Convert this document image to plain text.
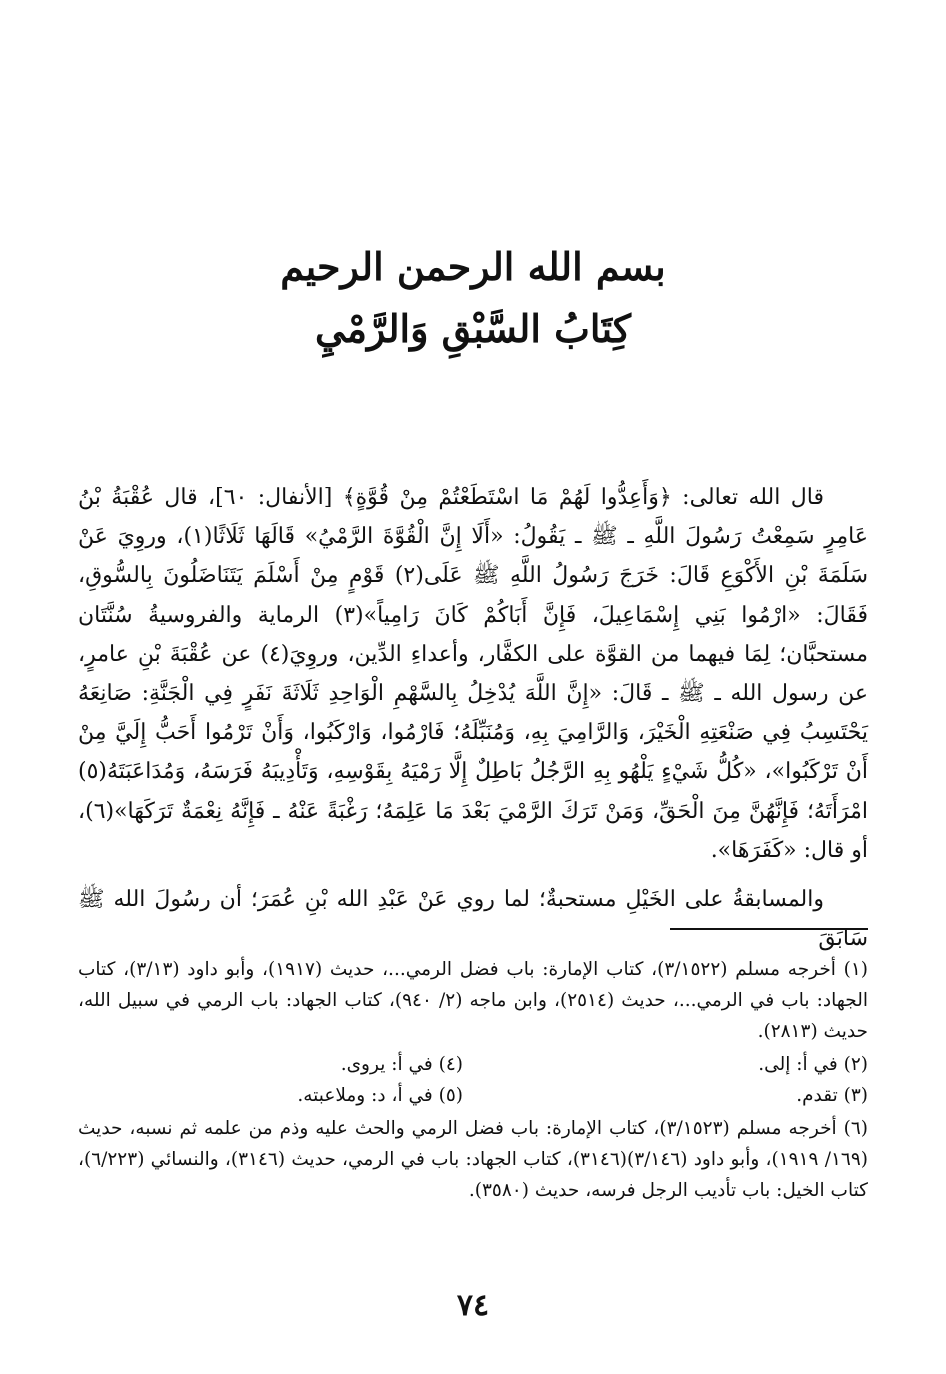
بسم الله الرحمن الرحيم
كِتَابُ السَّبْقِ وَالرَّمْيِ

قال الله تعالى: ﴿وَأَعِدُّوا لَهُمْ مَا اسْتَطَعْتُمْ مِنْ قُوَّةٍ﴾ [الأنفال: ٦٠]، قال عُقْبَةُ بْنُ عَامِرٍ سَمِعْتُ رَسُولَ اللَّهِ ـ ﷺ ـ يَقُولُ: «أَلَا إِنَّ الْقُوَّةَ الرَّمْيُ» قَالَهَا ثَلَاثًا(١)، وروِيَ عَنْ سَلَمَةَ بْنِ الأَكْوَعِ قَالَ: خَرَجَ رَسُولُ اللَّهِ ﷺ عَلَى(٢) قَوْمٍ مِنْ أَسْلَمَ يَتَنَاضَلُونَ بِالسُّوقِ، فَقَالَ: «ارْمُوا بَنِي إِسْمَاعِيلَ، فَإِنَّ أَبَاكُمْ كَانَ رَامِياً»(٣) الرماية والفروسيةُ سُنَّتَان مستحبَّان؛ لِمَا فيهما من القوَّة على الكفَّار، وأعداءِ الدِّين، وروِيَ(٤) عن عُقْبَةَ بْنِ عامرٍ، عن رسول الله ـ ﷺ ـ قَالَ: «إِنَّ اللَّهَ يُدْخِلُ بِالسَّهْمِ الْوَاحِدِ ثَلَاثَةَ نَفَرٍ فِي الْجَنَّةِ: صَانِعَهُ يَحْتَسِبُ فِي صَنْعَتِهِ الْخَيْرَ، وَالرَّامِيَ بِهِ، وَمُنَبِّلَهُ؛ فَارْمُوا، وَارْكَبُوا، وَأَنْ تَرْمُوا أَحَبُّ إِلَيَّ مِنْ أَنْ تَرْكَبُوا»، «كُلُّ شَيْءٍ يَلْهُو بِهِ الرَّجُلُ بَاطِلٌ إِلَّا رَمْيَهُ بِقَوْسِهِ، وَتَأْدِيبَهُ فَرَسَهُ، وَمُدَاعَبَتَهُ(٥) امْرَأَتَهُ؛ فَإِنَّهُنَّ مِنَ الْحَقِّ، وَمَنْ تَرَكَ الرَّمْيَ بَعْدَ مَا عَلِمَهُ؛ رَغْبَةً عَنْهُ ـ فَإِنَّهُ نِعْمَةٌ تَرَكَهَا»(٦)، أو قال: «كَفَرَهَا».

والمسابقةُ على الخَيْلِ مستحبةٌ؛ لما روي عَنْ عَبْدِ الله بْنِ عُمَرَ؛ أن رسُولَ الله ﷺ سَابَقَ

(١) أخرجه مسلم (٣/١٥٢٢)، كتاب الإمارة: باب فضل الرمي...، حديث (١٩١٧)، وأبو داود (٣/١٣)، كتاب الجهاد: باب في الرمي...، حديث (٢٥١٤)، وابن ماجه (٢/ ٩٤٠)، كتاب الجهاد: باب الرمي في سبيل الله، حديث (٢٨١٣).

(٢) في أ: إلى.

(٤) في أ: يروى.

(٣) تقدم.

(٥) في أ، د: وملاعبته.

(٦) أخرجه مسلم (٣/١٥٢٣)، كتاب الإمارة: باب فضل الرمي والحث عليه وذم من علمه ثم نسبه، حديث (١٦٩/ ١٩١٩)، وأبو داود (٣/١٤٦)(٣١٤٦)، كتاب الجهاد: باب في الرمي، حديث (٣١٤٦)، والنسائي (٦/٢٢٣)، كتاب الخيل: باب تأديب الرجل فرسه، حديث (٣٥٨٠).

٧٤
